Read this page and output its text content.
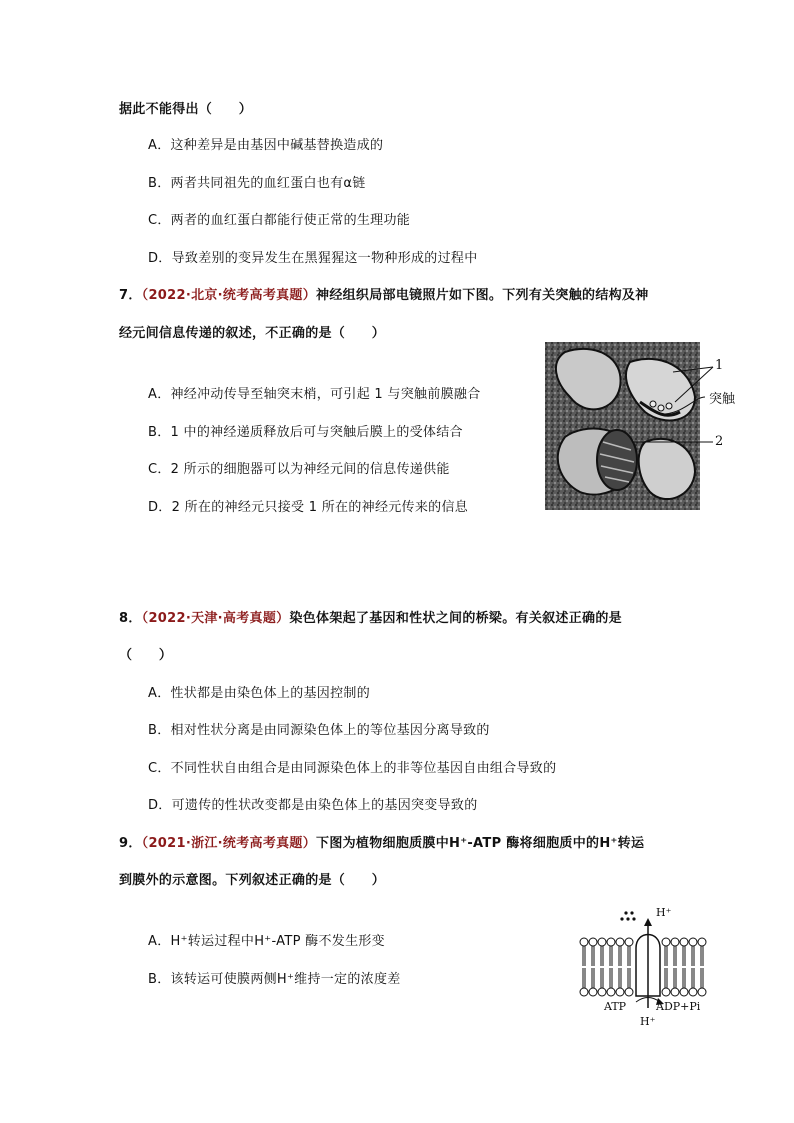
据此不能得出（　　）
A．这种差异是由基因中碱基替换造成的
B．两者共同祖先的血红蛋白也有α链
C．两者的血红蛋白都能行使正常的生理功能
D．导致差别的变异发生在黑猩猩这一物种形成的过程中
7．（2022·北京·统考高考真题）神经组织局部电镜照片如下图。下列有关突触的结构及神
经元间信息传递的叙述，不正确的是（　　）
A．神经冲动传导至轴突末梢，可引起 1 与突触前膜融合
B．1 中的神经递质释放后可与突触后膜上的受体结合
C．2 所示的细胞器可以为神经元间的信息传递供能
D．2 所在的神经元只接受 1 所在的神经元传来的信息
1
突触
2
8．（2022·天津·高考真题）染色体架起了基因和性状之间的桥梁。有关叙述正确的是
（　　）
A．性状都是由染色体上的基因控制的
B．相对性状分离是由同源染色体上的等位基因分离导致的
C．不同性状自由组合是由同源染色体上的非等位基因自由组合导致的
D．可遗传的性状改变都是由染色体上的基因突变导致的
9．（2021·浙江·统考高考真题）下图为植物细胞质膜中H⁺-ATP 酶将细胞质中的H⁺转运
到膜外的示意图。下列叙述正确的是（　　）
A．H⁺转运过程中H⁺-ATP 酶不发生形变
B．该转运可使膜两侧H⁺维持一定的浓度差
H⁺
ATP	ADP+Pi
H⁺
